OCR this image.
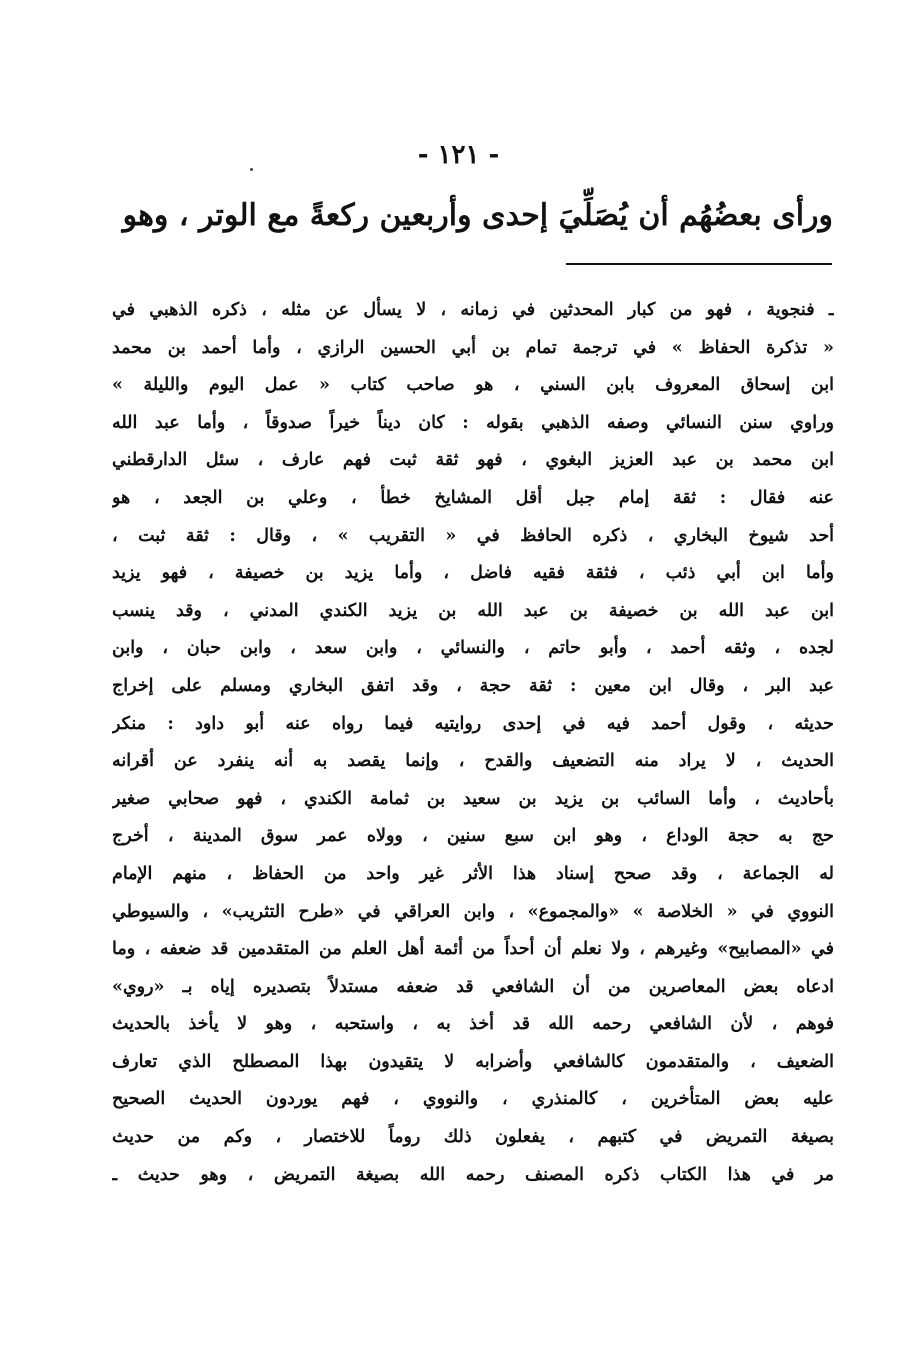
- ١٢١ -
ورأى بعضُهُم أن يُصَلِّيَ إحدى وأربعين ركعةً مع الوتر ، وهو
ـ فنجوية ، فهو من كبار المحدثين في زمانه ، لا يسأل عن مثله ، ذكره الذهبي في
« تذكرة الحفاظ » في ترجمة تمام بن أبي الحسين الرازي ، وأما أحمد بن محمد
ابن إسحاق المعروف بابن السني ، هو صاحب كتاب « عمل اليوم والليلة »
وراوي سنن النسائي وصفه الذهبي بقوله : كان ديناً خيراً صدوقاً ، وأما عبد الله
ابن محمد بن عبد العزيز البغوي ، فهو ثقة ثبت فهم عارف ، سئل الدارقطني
عنه فقال : ثقة إمام جبل أقل المشايخ خطأ ، وعلي بن الجعد ، هو
أحد شيوخ البخاري ، ذكره الحافظ في « التقريب » ، وقال : ثقة ثبت ،
وأما ابن أبي ذئب ، فثقة فقيه فاضل ، وأما يزيد بن خصيفة ، فهو يزيد
ابن عبد الله بن خصيفة بن عبد الله بن يزيد الكندي المدني ، وقد ينسب
لجده ، وثقه أحمد ، وأبو حاتم ، والنسائي ، وابن سعد ، وابن حبان ، وابن
عبد البر ، وقال ابن معين : ثقة حجة ، وقد اتفق البخاري ومسلم على إخراج
حديثه ، وقول أحمد فيه في إحدى روايتيه فيما رواه عنه أبو داود : منكر
الحديث ، لا يراد منه التضعيف والقدح ، وإنما يقصد به أنه ينفرد عن أقرانه
بأحاديث ، وأما السائب بن يزيد بن سعيد بن ثمامة الكندي ، فهو صحابي صغير
حج به حجة الوداع ، وهو ابن سبع سنين ، وولاه عمر سوق المدينة ، أخرج
له الجماعة ، وقد صحح إسناد هذا الأثر غير واحد من الحفاظ ، منهم الإمام
النووي في « الخلاصة » «والمجموع» ، وابن العراقي في «طرح التثريب» ، والسيوطي
في «المصابيح» وغيرهم ، ولا نعلم أن أحداً من أئمة أهل العلم من المتقدمين قد ضعفه ، وما
ادعاه بعض المعاصرين من أن الشافعي قد ضعفه مستدلاً بتصديره إياه بـ «روي»
فوهم ، لأن الشافعي رحمه الله قد أخذ به ، واستحبه ، وهو لا يأخذ بالحديث
الضعيف ، والمتقدمون كالشافعي وأضرابه لا يتقيدون بهذا المصطلح الذي تعارف
عليه بعض المتأخرين ، كالمنذري ، والنووي ، فهم يوردون الحديث الصحيح
بصيغة التمريض في كتبهم ، يفعلون ذلك روماً للاختصار ، وكم من حديث
مر في هذا الكتاب ذكره المصنف رحمه الله بصيغة التمريض ، وهو حديث ـ
